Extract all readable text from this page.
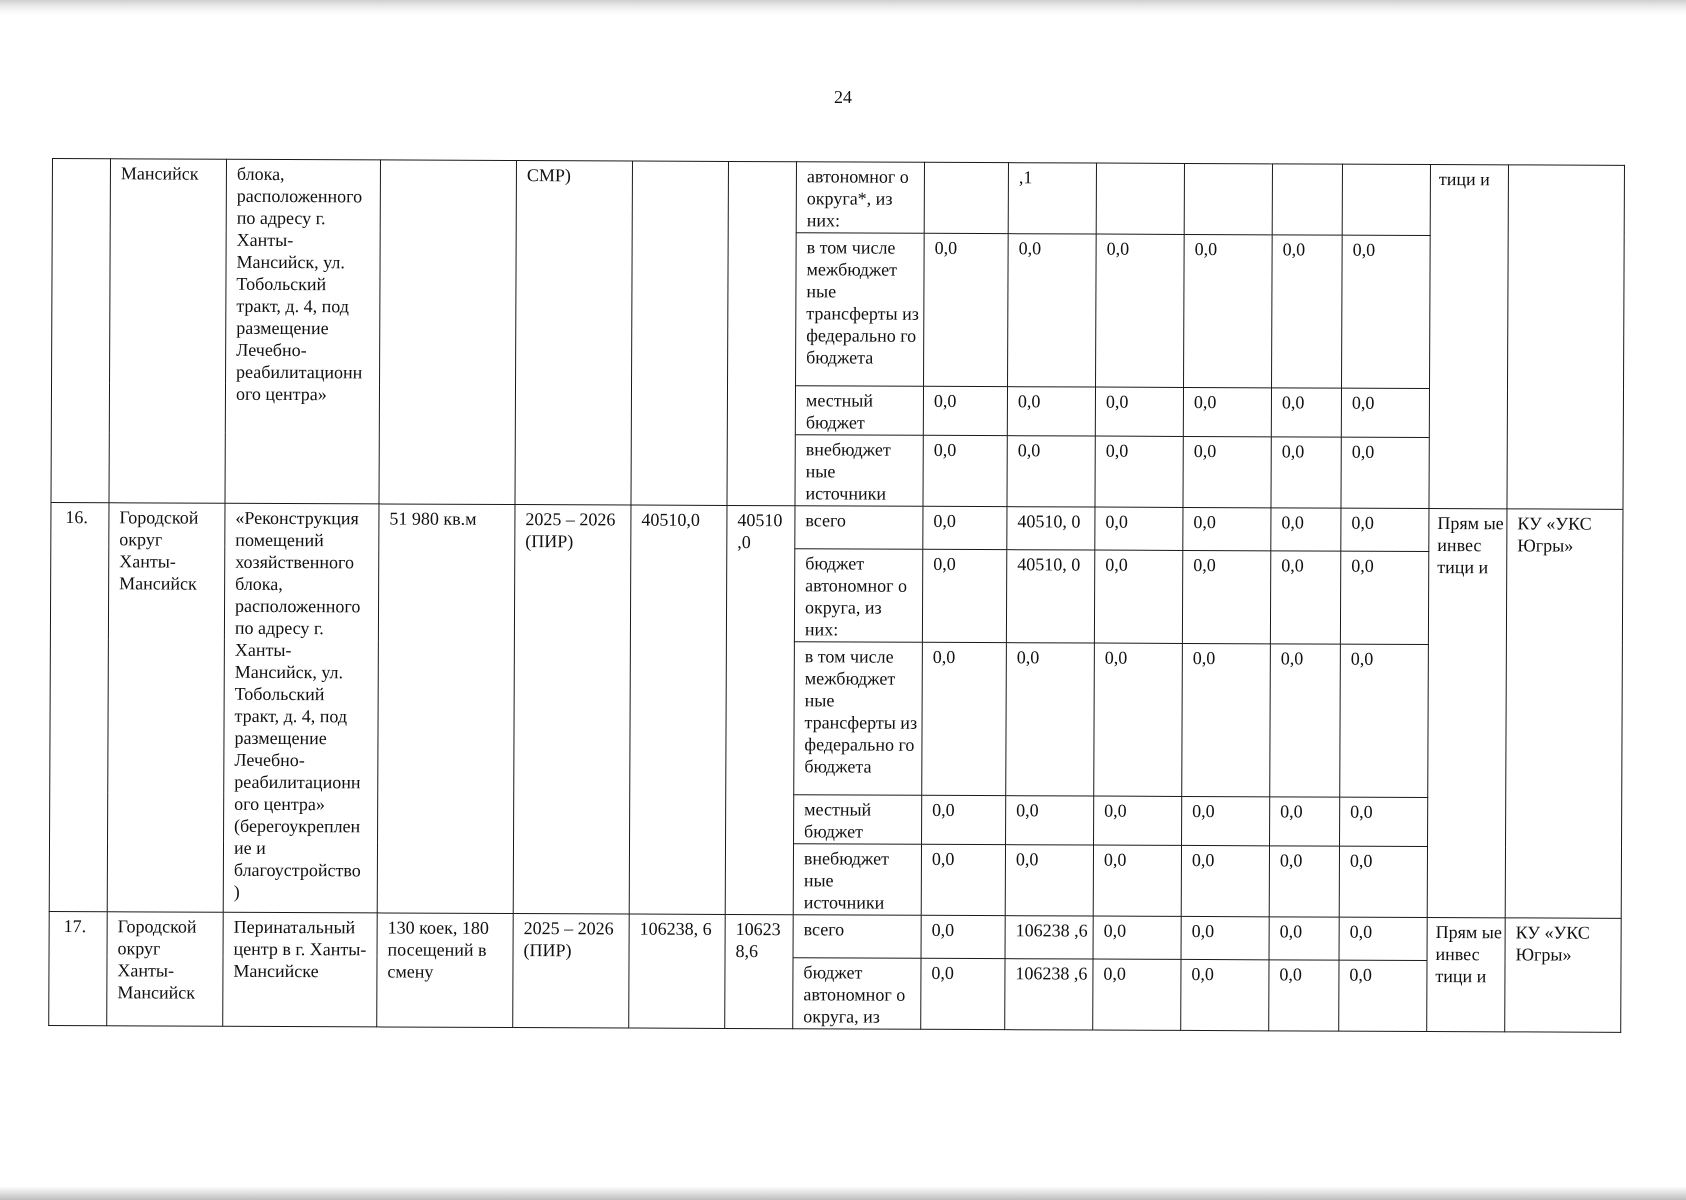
24
	Мансийск	блока, расположенного по адресу г. Ханты-Мансийск, ул. Тобольский тракт, д. 4, под размещение Лечебно-реабилитационн ого центра»		СМР)			автономног о округа*, из них:		,1					тици и	
							в том числе межбюджет ные трансферты из федерально го бюджета	0,0	0,0	0,0	0,0	0,0	0,0		
							местный бюджет	0,0	0,0	0,0	0,0	0,0	0,0		
							внебюджет ные источники	0,0	0,0	0,0	0,0	0,0	0,0		
16.	Городской округ Ханты-Мансийск	«Реконструкция помещений хозяйственного блока, расположенного по адресу г. Ханты-Мансийск, ул. Тобольский тракт, д. 4, под размещение Лечебно-реабилитационн ого центра» (берегоукреплен ие и благоустройство )	51 980 кв.м	2025 – 2026 (ПИР)	40510,0	40510 ,0	всего	0,0	40510, 0	0,0	0,0	0,0	0,0	Прям ые инвес тици и	КУ «УКС Югры»
							бюджет автономног о округа, из них:	0,0	40510, 0	0,0	0,0	0,0	0,0		
							в том числе межбюджет ные трансферты из федерально го бюджета	0,0	0,0	0,0	0,0	0,0	0,0		
							местный бюджет	0,0	0,0	0,0	0,0	0,0	0,0		
							внебюджет ные источники	0,0	0,0	0,0	0,0	0,0	0,0		
17.	Городской округ Ханты-Мансийск	Перинатальный центр в г. Ханты-Мансийске	130 коек, 180 посещений в смену	2025 – 2026 (ПИР)	106238, 6	10623 8,6	всего	0,0	106238 ,6	0,0	0,0	0,0	0,0	Прям ые инвес тици и	КУ «УКС Югры»
							бюджет автономног о округа, из	0,0	106238 ,6	0,0	0,0	0,0	0,0		
